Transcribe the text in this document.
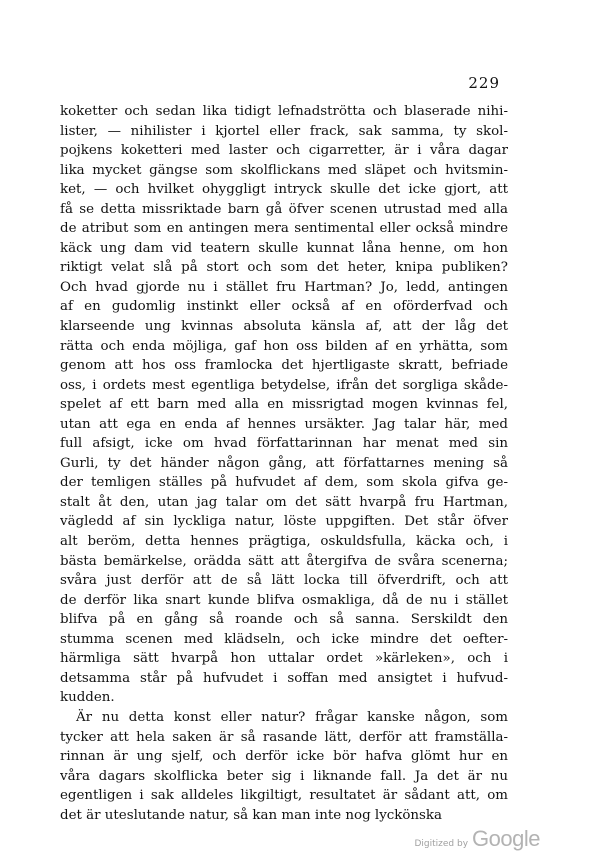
229
koketter och sedan lika tidigt lefnadströtta och blaserade nihi-
lister, — nihilister i kjortel eller frack, sak samma, ty skol-
pojkens koketteri med laster och cigarretter, är i våra dagar
lika mycket gängse som skolflickans med släpet och hvitsmin-
ket, — och hvilket ohyggligt intryck skulle det icke gjort, att
få se detta missriktade barn gå öfver scenen utrustad med alla
de atribut som en antingen mera sentimental eller också mindre
käck ung dam vid teatern skulle kunnat låna henne, om hon
riktigt velat slå på stort och som det heter, knipa publiken?
Och hvad gjorde nu i stället fru Hartman? Jo, ledd, antingen
af en gudomlig instinkt eller också af en oförderfvad och
klarseende ung kvinnas absoluta känsla af, att der låg det
rätta och enda möjliga, gaf hon oss bilden af en yrhätta, som
genom att hos oss framlocka det hjertligaste skratt, befriade
oss, i ordets mest egentliga betydelse, ifrån det sorgliga skåde-
spelet af ett barn med alla en missrigtad mogen kvinnas fel,
utan att ega en enda af hennes ursäkter. Jag talar här, med
full afsigt, icke om hvad författarinnan har menat med sin
Gurli, ty det händer någon gång, att författarnes mening så
der temligen ställes på hufvudet af dem, som skola gifva ge-
stalt åt den, utan jag talar om det sätt hvarpå fru Hartman,
vägledd af sin lyckliga natur, löste uppgiften. Det står öfver
alt beröm, detta hennes prägtiga, oskuldsfulla, käcka och, i
bästa bemärkelse, orädda sätt att återgifva de svåra scenerna;
svåra just derför att de så lätt locka till öfverdrift, och att
de derför lika snart kunde blifva osmakliga, då de nu i stället
blifva på en gång så roande och så sanna. Serskildt den
stumma scenen med klädseln, och icke mindre det oefter-
härmliga sätt hvarpå hon uttalar ordet »kärleken», och i
detsamma står på hufvudet i soffan med ansigtet i hufvud-
kudden.
Är nu detta konst eller natur? frågar kanske någon, som
tycker att hela saken är så rasande lätt, derför att framställa-
rinnan är ung sjelf, och derför icke bör hafva glömt hur en
våra dagars skolflicka beter sig i liknande fall. Ja det är nu
egentligen i sak alldeles likgiltigt, resultatet är sådant att, om
det är uteslutande natur, så kan man inte nog lyckönska
Digitized by Google
